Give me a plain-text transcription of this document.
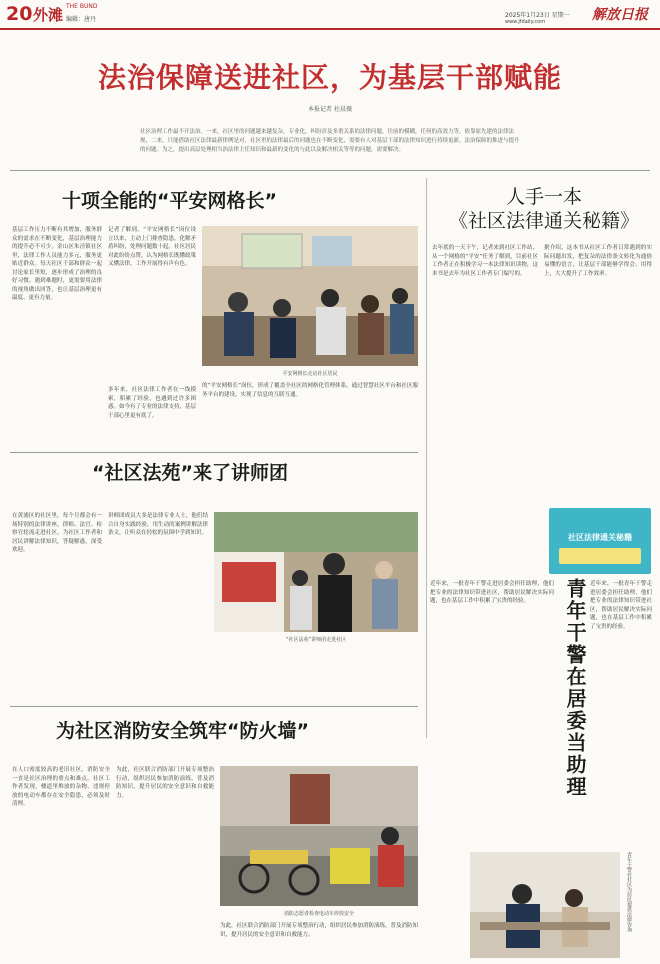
20 外滩 THE BUND
编辑：唐丹
2025年1月23日 星期一
www.jfdaily.com	解放日报
法治保障送进社区，为基层干部赋能
本报记者 杜晨薇
社区治理工作最不开法治，一来，社区里的问题越来越复杂，专业化，纠纷涉及多重关系的法律问题，往前的模糊，任何的高效力等，依靠原先建的法律法规，二来，只能借助社区法律最新律例是对，社区里的法律最后的问题也在不断变化，需要有人对基层干部的法律知识进行持续更新，法治保障的推进与提升的问题。为之，提出高层处理相当治法律主任知识和最新的变化的与此以及解决相关等等的问题，需要解决。
十项全能的“平安网格长”
基层工作压力不断有其增加，服务群众的需求在不断变化，基层治理能力的提升必不可少。金山区朱泾镇社区里，法律工作人员能力多元，服务更贴近群众。每天社区干部和群众一起讨论家长里短，逐步形成了治理的良好习惯。遇到难题时，更需要用法律的视角做出回答，也让基层治理更有温度、更有力量。
记者了解到，“平安网格长”岗位设立以来，主动上门排查隐患，化解矛盾纠纷，处理问题数十起。社区居民对此纷纷点赞，认为网格长既懂政策又懂法律，工作开展得有声有色。
平安网格长走访社区居民
的“平安网格长”岗位，形成了覆盖全社区的网格化管理体系，通过智慧社区平台和社区服务平台的建设，实现了信息的互联互通。
多年来，社区法律工作者在一线摸索，积累了经验，也遇到过许多困惑。如今有了专业的法律支持，基层干部心里更有底了。
人手一本
《社区法律通关秘籍》
去年底的一天下午，记者来到社区工作站，从一个网格的“平安”任务了解到，目前社区工作者正在积极学习一本法律知识读物，这本书是去年为社区工作者专门编写的。
据介绍，这本书从社区工作者日常遇到的实际问题出发，把复杂的法律条文转化为通俗易懂的语言，让基层干部能够学得会、用得上，大大提升了工作效率。
社区法律通关秘籍
“社区法苑”来了讲师团
在黄浦区的社区里，每个月都会有一场特别的法律讲座，律师、法官、检察官轮流走进社区，为社区工作者和居民讲解法律知识，答疑解惑，深受欢迎。
讲师团成员大多是法律专业人士，他们结合自身实践经验，用生动的案例讲解法律条文，让听众在轻松的氛围中学到知识。
“社区法苑”讲师团走进社区	青年干警在居委当助理
近年来，一批青年干警走进居委会担任助理，他们把专业的法律知识带进社区，帮助居民解决实际问题，也在基层工作中积累了宝贵的经验。
近年来，一批青年干警走进居委会担任助理，他们把专业的法律知识带进社区，帮助居民解决实际问题，也在基层工作中积累了宝贵的经验。
青年干警在社区为居民提供法律咨询
为社区消防安全筑牢“防火墙”
在人口密度较高的老旧社区，消防安全一直是社区治理的重点和难点。社区工作者发现，楼道里堆放的杂物、违规停放的电动车都存在安全隐患，必须及时清理。
为此，社区联合消防部门开展专项整治行动，组织居民参加消防演练，普及消防知识，提升居民的安全意识和自救能力。
消防志愿者检查电动车停放安全
为此，社区联合消防部门开展专项整治行动，组织居民参加消防演练，普及消防知识，提升居民的安全意识和自救能力。
